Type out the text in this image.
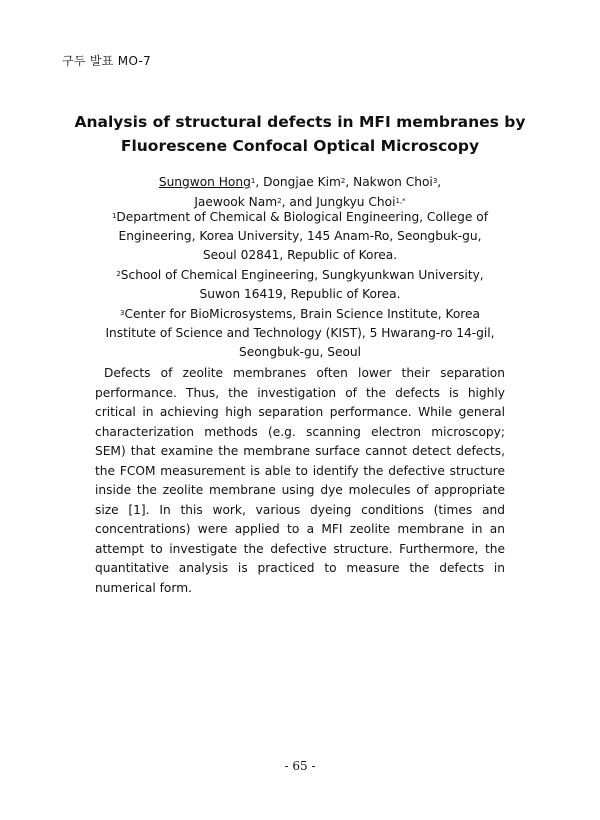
구두 발표 MO-7
Analysis of structural defects in MFI membranes by
Fluorescene Confocal Optical Microscopy
Sungwon Hong$^1$, Dongjae Kim$^2$, Nakwon Choi$^3$,
Jaewook Nam$^2$, and Jungkyu Choi$^{1,*}$
$^1$Department of Chemical & Biological Engineering, College of Engineering, Korea University, 145 Anam-Ro, Seongbuk-gu, Seoul 02841, Republic of Korea.
$^2$School of Chemical Engineering, Sungkyunkwan University, Suwon 16419, Republic of Korea.
$^3$Center for BioMicrosystems, Brain Science Institute, Korea Institute of Science and Technology (KIST), 5 Hwarang-ro 14-gil, Seongbuk-gu, Seoul

Defects of zeolite membranes often lower their separation performance. Thus, the investigation of the defects is highly critical in achieving high separation performance. While general characterization methods (e.g. scanning electron microscopy; SEM) that examine the membrane surface cannot detect defects, the FCOM measurement is able to identify the defective structure inside the zeolite membrane using dye molecules of appropriate size [1]. In this work, various dyeing conditions (times and concentrations) were applied to a MFI zeolite membrane in an attempt to investigate the defective structure. Furthermore, the quantitative analysis is practiced to measure the defects in numerical form.

- 65 -
